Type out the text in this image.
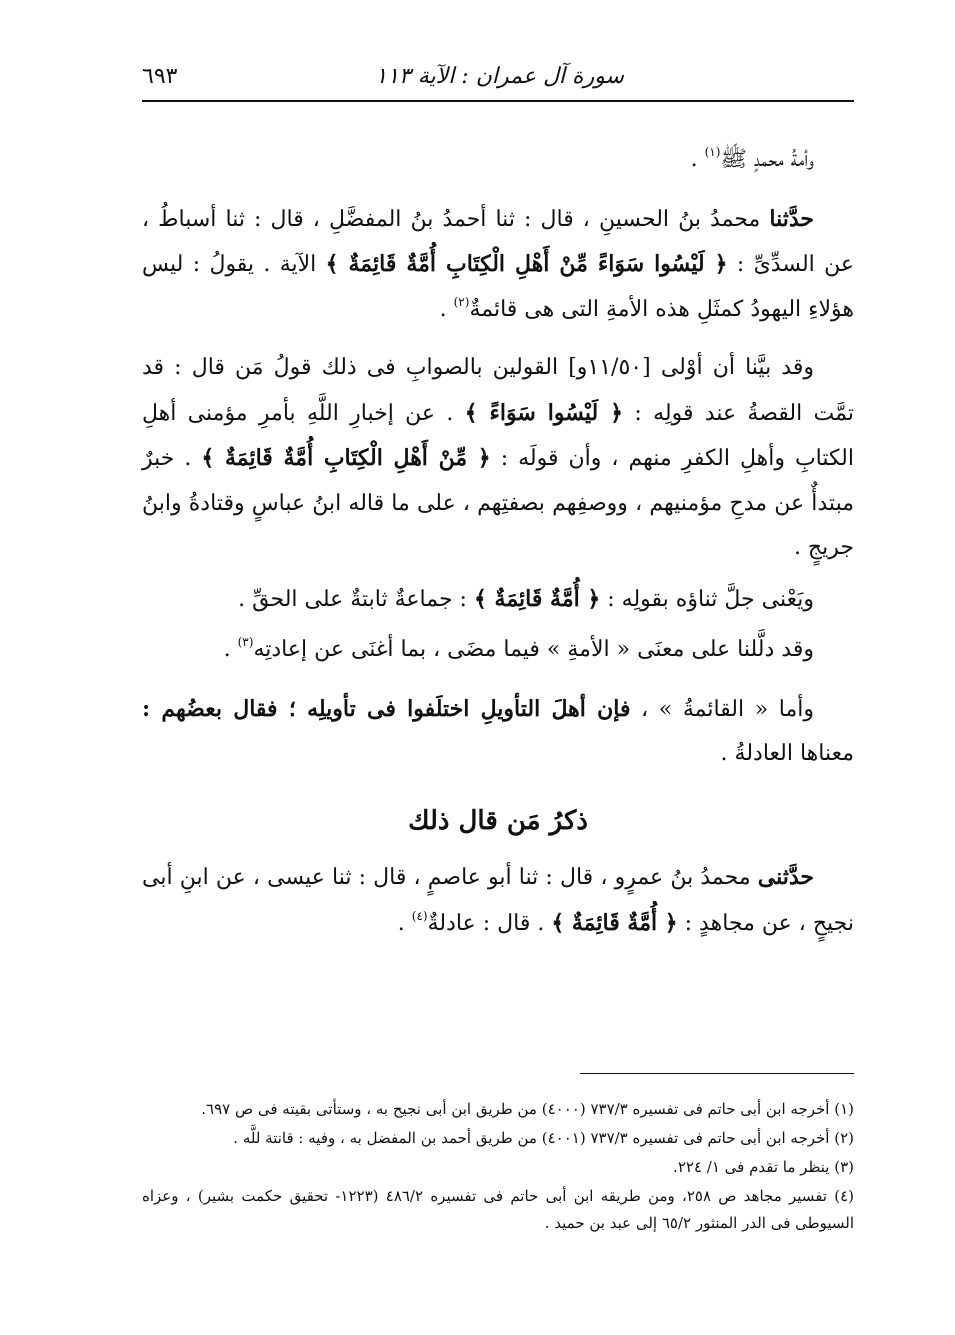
سورة آل عمران : الآية ١١٣
٦٩٣

وأمةُ محمدٍ ﷺ$^{(١)}$ .

حدَّثنا محمدُ بنُ الحسينِ ، قال : ثنا أحمدُ بنُ المفضَّلِ ، قال : ثنا أسباطُ ، عن السدِّىِّ : ﴿ لَيْسُوا سَوَاءً مِّنْ أَهْلِ الْكِتَابِ أُمَّةٌ قَائِمَةٌ ﴾ الآية . يقولُ : ليس هؤلاءِ اليهودُ كمثَلِ هذه الأمةِ التى هى قائمةٌ$^{(٢)}$ .

وقد بيَّنا أن أوْلى [١١/٥٠و] القولين بالصوابِ فى ذلك قولُ مَن قال : قد تمَّت القصةُ عند قولِه : ﴿ لَيْسُوا سَوَاءً ﴾ . عن إخبارِ اللَّهِ بأمرِ مؤمنى أهلِ الكتابِ وأهلِ الكفرِ منهم ، وأن قولَه : ﴿ مِّنْ أَهْلِ الْكِتَابِ أُمَّةٌ قَائِمَةٌ ﴾ . خبرٌ مبتدأٌ عن مدحِ مؤمنيهم ، ووصفِهم بصفتِهم ، على ما قاله ابنُ عباسٍ وقتادةُ وابنُ جريجٍ .

ويَعْنى جلَّ ثناؤه بقولِه : ﴿ أُمَّةٌ قَائِمَةٌ ﴾ : جماعةٌ ثابتةٌ على الحقِّ .

وقد دلَّلنا على معنَى « الأمةِ » فيما مضَى ، بما أغنَى عن إعادتِه$^{(٣)}$ .

وأما « القائمةُ » ، فإن أهلَ التأويلِ اختلَفوا فى تأويلِه ؛ فقال بعضُهم : معناها العادلةُ .

ذكرُ مَن قال ذلك

حدَّثنى محمدُ بنُ عمرٍو ، قال : ثنا أبو عاصمٍ ، قال : ثنا عيسى ، عن ابنِ أبى نجيحٍ ، عن مجاهدٍ : ﴿ أُمَّةٌ قَائِمَةٌ ﴾ . قال : عادلةٌ$^{(٤)}$ .

(١) أخرجه ابن أبى حاتم فى تفسيره ٧٣٧/٣ (٤٠٠٠) من طريق ابن أبى نجيح به ، وستأتى بقيته فى ص ٦٩٧.

(٢) أخرجه ابن أبى حاتم فى تفسيره ٧٣٧/٣ (٤٠٠١) من طريق أحمد بن المفضل به ، وفيه : قانتة للَّه .

(٣) ينظر ما تقدم فى ١/ ٢٢٤.

(٤) تفسير مجاهد ص ٢٥٨، ومن طريقه ابن أبى حاتم فى تفسيره ٤٨٦/٢ (١٢٢٣- تحقيق حكمت بشير) ، وعزاه السيوطى فى الدر المنثور ٦٥/٢ إلى عبد بن حميد .
